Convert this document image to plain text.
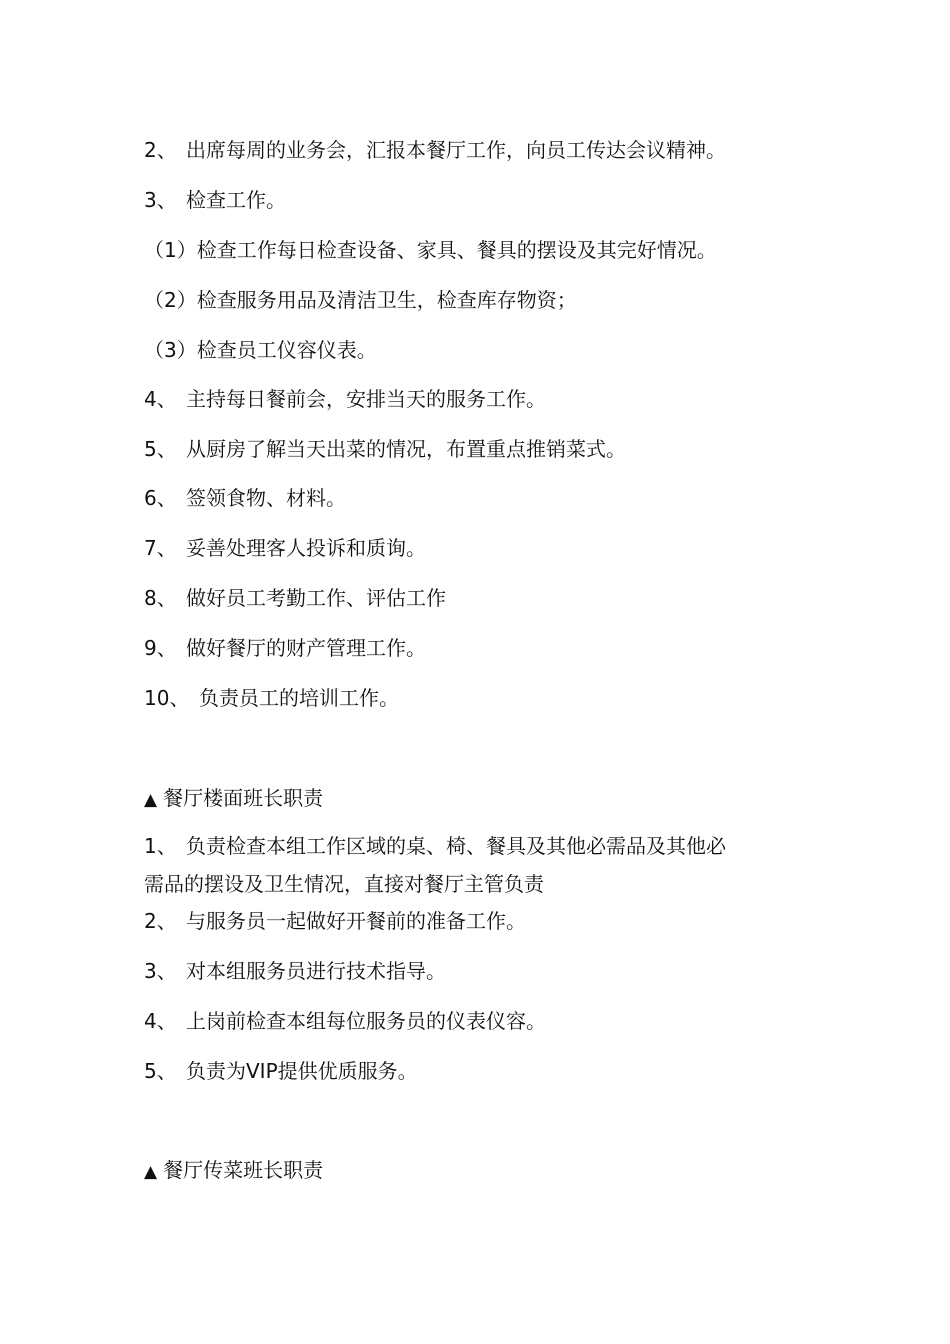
2、 出席每周的业务会，汇报本餐厅工作，向员工传达会议精神。

3、 检查工作。

（1）检查工作每日检查设备、家具、餐具的摆设及其完好情况。

（2）检查服务用品及清洁卫生，检查库存物资；

（3）检查员工仪容仪表。

4、 主持每日餐前会，安排当天的服务工作。

5、 从厨房了解当天出菜的情况，布置重点推销菜式。

6、 签领食物、材料。

7、 妥善处理客人投诉和质询。

8、 做好员工考勤工作、评估工作

9、 做好餐厅的财产管理工作。

10、 负责员工的培训工作。

▲ 餐厅楼面班长职责

1、 负责检查本组工作区域的桌、椅、餐具及其他必需品及其他必

需品的摆设及卫生情况，直接对餐厅主管负责

2、 与服务员一起做好开餐前的准备工作。

3、 对本组服务员进行技术指导。

4、 上岗前检查本组每位服务员的仪表仪容。

5、 负责为VIP提供优质服务。

▲ 餐厅传菜班长职责
